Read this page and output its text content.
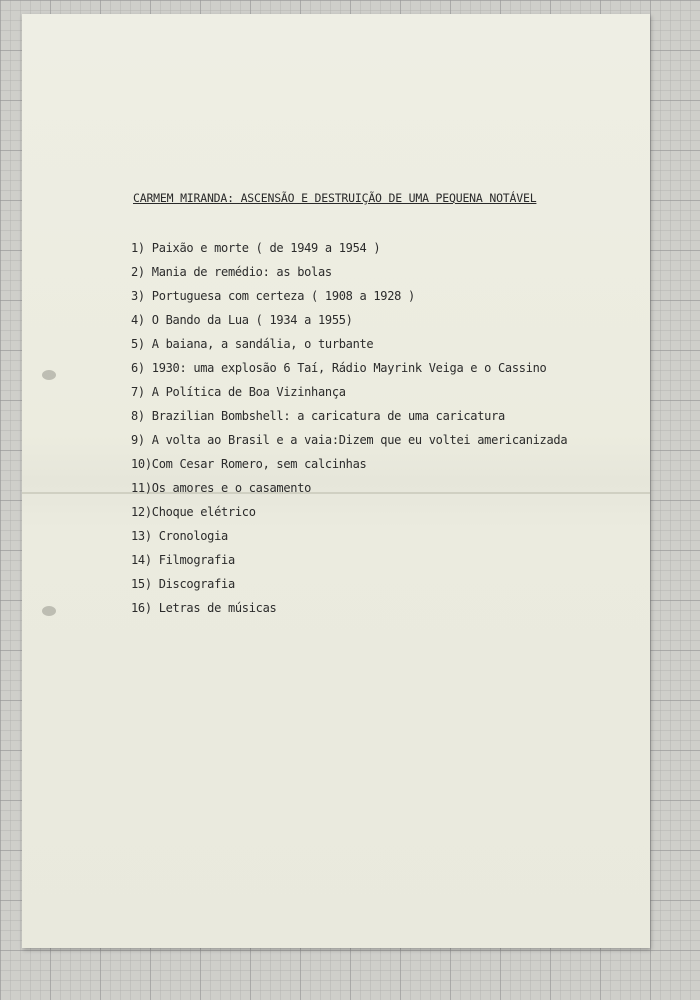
CARMEM MIRANDA: ASCENSÃO E DESTRUIÇÃO DE UMA PEQUENA NOTÁVEL
1) Paixão e morte ( de 1949 a 1954 )
2) Mania de remédio: as bolas
3) Portuguesa com certeza ( 1908 a 1928 )
4) O Bando da Lua ( 1934 a 1955)
5) A baiana, a sandália, o turbante
6) 1930: uma explosão 6 Taí, Rádio Mayrink Veiga e o Cassino
7) A Política de Boa Vizinhança
8) Brazilian Bombshell: a caricatura de uma caricatura
9) A volta ao Brasil e a vaia:Dizem que eu voltei americanizada
10)Com Cesar Romero, sem calcinhas
11)Os amores e o casamento
12)Choque elétrico
13) Cronologia
14) Filmografia
15) Discografia
16) Letras de músicas
